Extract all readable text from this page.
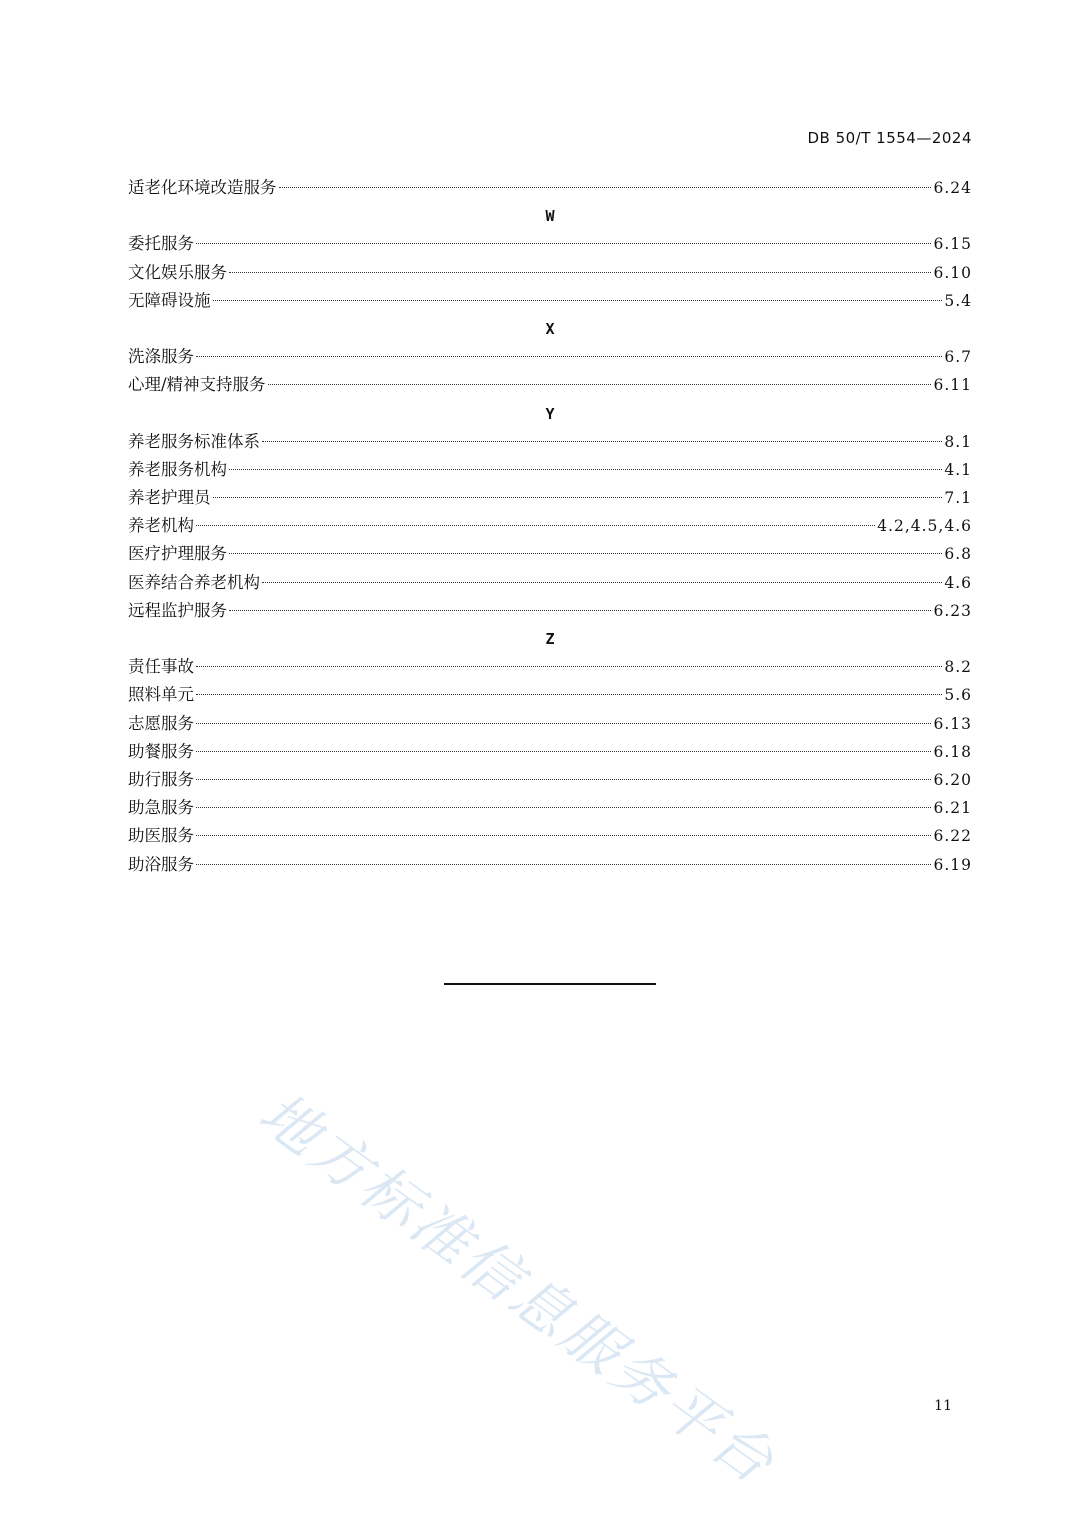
DB 50/T 1554—2024
适老化环境改造服务	6.24
W
委托服务	6.15
文化娱乐服务	6.10
无障碍设施	5.4
X
洗涤服务	6.7
心理/精神支持服务	6.11
Y
养老服务标准体系	8.1
养老服务机构	4.1
养老护理员	7.1
养老机构	4.2,4.5,4.6
医疗护理服务	6.8
医养结合养老机构	4.6
远程监护服务	6.23
Z
责任事故	8.2
照料单元	5.6
志愿服务	6.13
助餐服务	6.18
助行服务	6.20
助急服务	6.21
助医服务	6.22
助浴服务	6.19
地方标准信息服务平台	11
